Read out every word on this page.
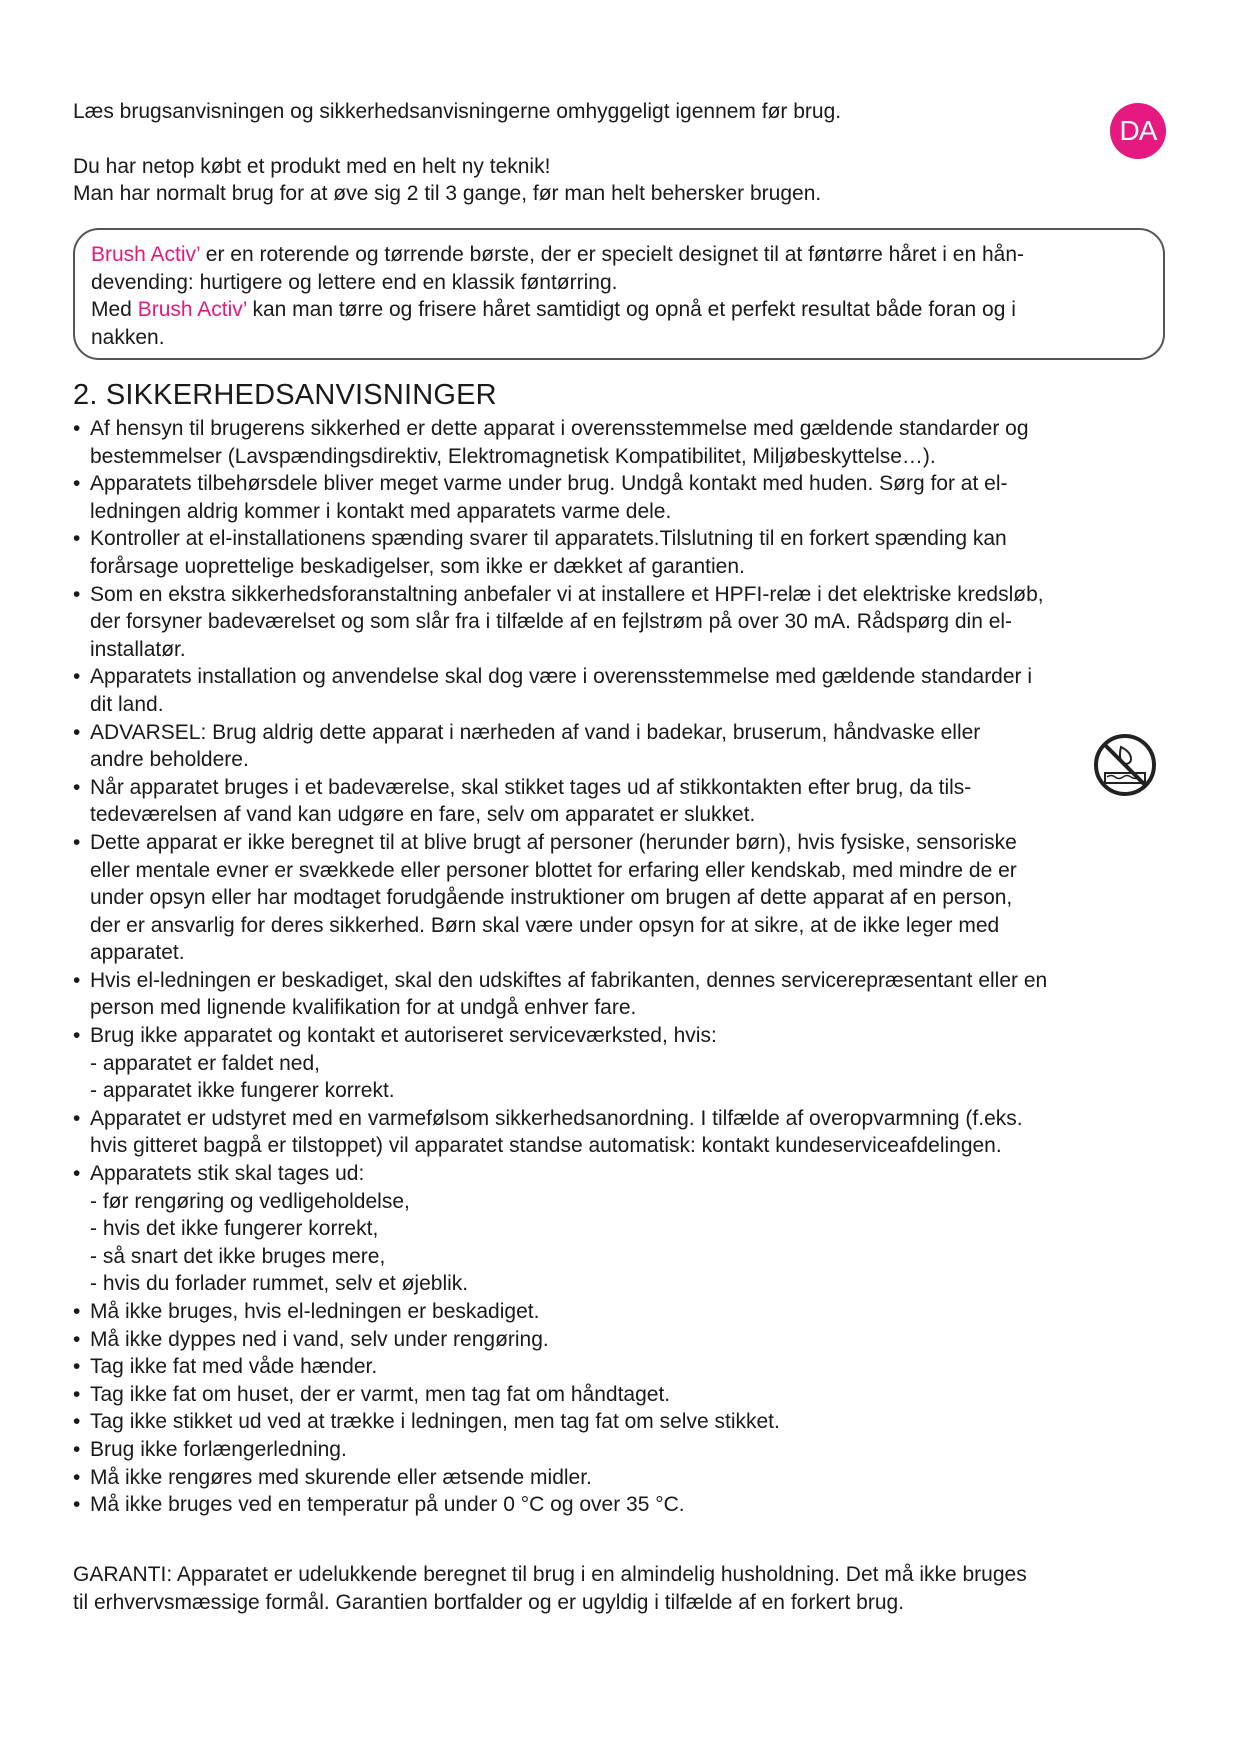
Læs brugsanvisningen og sikkerhedsanvisningerne omhyggeligt igennem før brug.

Du har netop købt et produkt med en helt ny teknik!

Man har normalt brug for at øve sig 2 til 3 gange, før man helt behersker brugen.

DA

Brush Activ’ er en roterende og tørrende børste, der er specielt designet til at føntørre håret i en hån-

devending: hurtigere og lettere end en klassik føntørring.

Med Brush Activ’ kan man tørre og frisere håret samtidigt og opnå et perfekt resultat både foran og i

nakken.

2. SIKKERHEDSANVISNINGER
• Af hensyn til brugerens sikkerhed er dette apparat i overensstemmelse med gældende standarder og
bestemmelser (Lavspændingsdirektiv, Elektromagnetisk Kompatibilitet, Miljøbeskyttelse…).
• Apparatets tilbehørsdele bliver meget varme under brug. Undgå kontakt med huden. Sørg for at el-
ledningen aldrig kommer i kontakt med apparatets varme dele.
• Kontroller at el-installationens spænding svarer til apparatets.Tilslutning til en forkert spænding kan
forårsage uoprettelige beskadigelser, som ikke er dækket af garantien.
• Som en ekstra sikkerhedsforanstaltning anbefaler vi at installere et HPFI-relæ i det elektriske kredsløb,
der forsyner badeværelset og som slår fra i tilfælde af en fejlstrøm på over 30 mA. Rådspørg din el-
installatør.
• Apparatets installation og anvendelse skal dog være i overensstemmelse med gældende standarder i
dit land.
• ADVARSEL: Brug aldrig dette apparat i nærheden af vand i badekar, bruserum, håndvaske eller
andre beholdere.
• Når apparatet bruges i et badeværelse, skal stikket tages ud af stikkontakten efter brug, da tils-
tedeværelsen af vand kan udgøre en fare, selv om apparatet er slukket.
• Dette apparat er ikke beregnet til at blive brugt af personer (herunder børn), hvis fysiske, sensoriske
eller mentale evner er svækkede eller personer blottet for erfaring eller kendskab, med mindre de er
under opsyn eller har modtaget forudgående instruktioner om brugen af dette apparat af en person,
der er ansvarlig for deres sikkerhed. Børn skal være under opsyn for at sikre, at de ikke leger med
apparatet.
• Hvis el-ledningen er beskadiget, skal den udskiftes af fabrikanten, dennes servicerepræsentant eller en
person med lignende kvalifikation for at undgå enhver fare.
• Brug ikke apparatet og kontakt et autoriseret serviceværksted, hvis:
- apparatet er faldet ned,
- apparatet ikke fungerer korrekt.
• Apparatet er udstyret med en varmefølsom sikkerhedsanordning. I tilfælde af overopvarmning (f.eks.
hvis gitteret bagpå er tilstoppet) vil apparatet standse automatisk: kontakt kundeserviceafdelingen.
• Apparatets stik skal tages ud:
- før rengøring og vedligeholdelse,
- hvis det ikke fungerer korrekt,
- så snart det ikke bruges mere,
- hvis du forlader rummet, selv et øjeblik.
• Må ikke bruges, hvis el-ledningen er beskadiget.
• Må ikke dyppes ned i vand, selv under rengøring.
• Tag ikke fat med våde hænder.
• Tag ikke fat om huset, der er varmt, men tag fat om håndtaget.
• Tag ikke stikket ud ved at trække i ledningen, men tag fat om selve stikket.
• Brug ikke forlængerledning.
• Må ikke rengøres med skurende eller ætsende midler.
• Må ikke bruges ved en temperatur på under 0 °C og over 35 °C.

GARANTI: Apparatet er udelukkende beregnet til brug i en almindelig husholdning. Det må ikke bruges

til erhvervsmæssige formål. Garantien bortfalder og er ugyldig i tilfælde af en forkert brug.
